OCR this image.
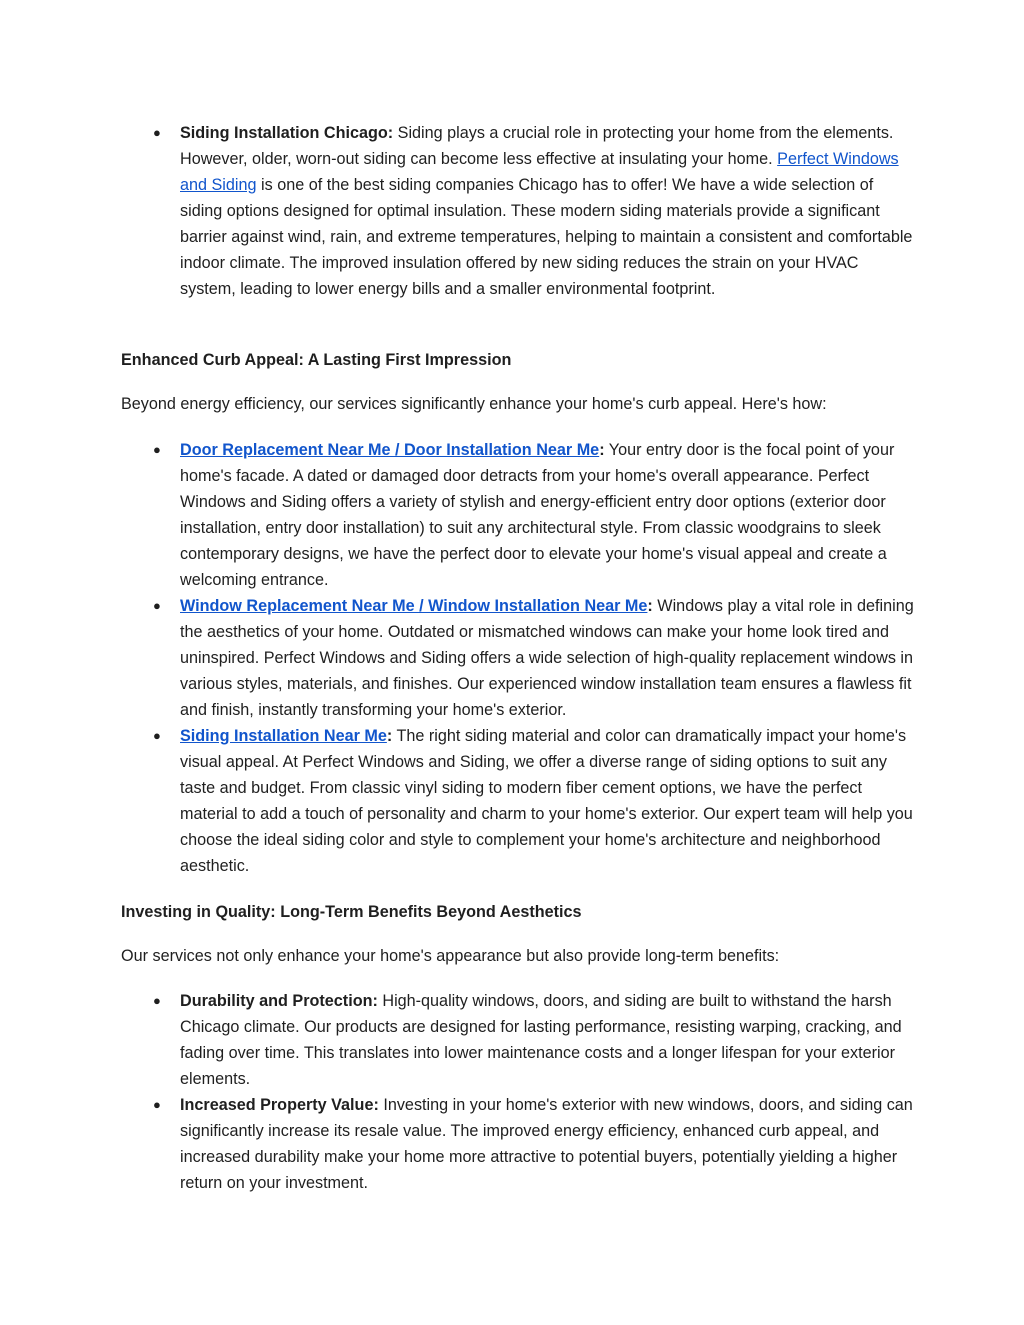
● Siding Installation Chicago: Siding plays a crucial role in protecting your home from the elements. However, older, worn-out siding can become less effective at insulating your home. Perfect Windows and Siding is one of the best siding companies Chicago has to offer! We have a wide selection of siding options designed for optimal insulation. These modern siding materials provide a significant barrier against wind, rain, and extreme temperatures, helping to maintain a consistent and comfortable indoor climate. The improved insulation offered by new siding reduces the strain on your HVAC system, leading to lower energy bills and a smaller environmental footprint.
Enhanced Curb Appeal: A Lasting First Impression
Beyond energy efficiency, our services significantly enhance your home's curb appeal. Here's how:
● Door Replacement Near Me / Door Installation Near Me: Your entry door is the focal point of your home's facade. A dated or damaged door detracts from your home's overall appearance. Perfect Windows and Siding offers a variety of stylish and energy-efficient entry door options (exterior door installation, entry door installation) to suit any architectural style. From classic woodgrains to sleek contemporary designs, we have the perfect door to elevate your home's visual appeal and create a welcoming entrance.
● Window Replacement Near Me / Window Installation Near Me: Windows play a vital role in defining the aesthetics of your home. Outdated or mismatched windows can make your home look tired and uninspired. Perfect Windows and Siding offers a wide selection of high-quality replacement windows in various styles, materials, and finishes. Our experienced window installation team ensures a flawless fit and finish, instantly transforming your home's exterior.
● Siding Installation Near Me: The right siding material and color can dramatically impact your home's visual appeal. At Perfect Windows and Siding, we offer a diverse range of siding options to suit any taste and budget. From classic vinyl siding to modern fiber cement options, we have the perfect material to add a touch of personality and charm to your home's exterior. Our expert team will help you choose the ideal siding color and style to complement your home's architecture and neighborhood aesthetic.
Investing in Quality: Long-Term Benefits Beyond Aesthetics
Our services not only enhance your home's appearance but also provide long-term benefits:
● Durability and Protection: High-quality windows, doors, and siding are built to withstand the harsh Chicago climate. Our products are designed for lasting performance, resisting warping, cracking, and fading over time. This translates into lower maintenance costs and a longer lifespan for your exterior elements.
● Increased Property Value: Investing in your home's exterior with new windows, doors, and siding can significantly increase its resale value. The improved energy efficiency, enhanced curb appeal, and increased durability make your home more attractive to potential buyers, potentially yielding a higher return on your investment.
